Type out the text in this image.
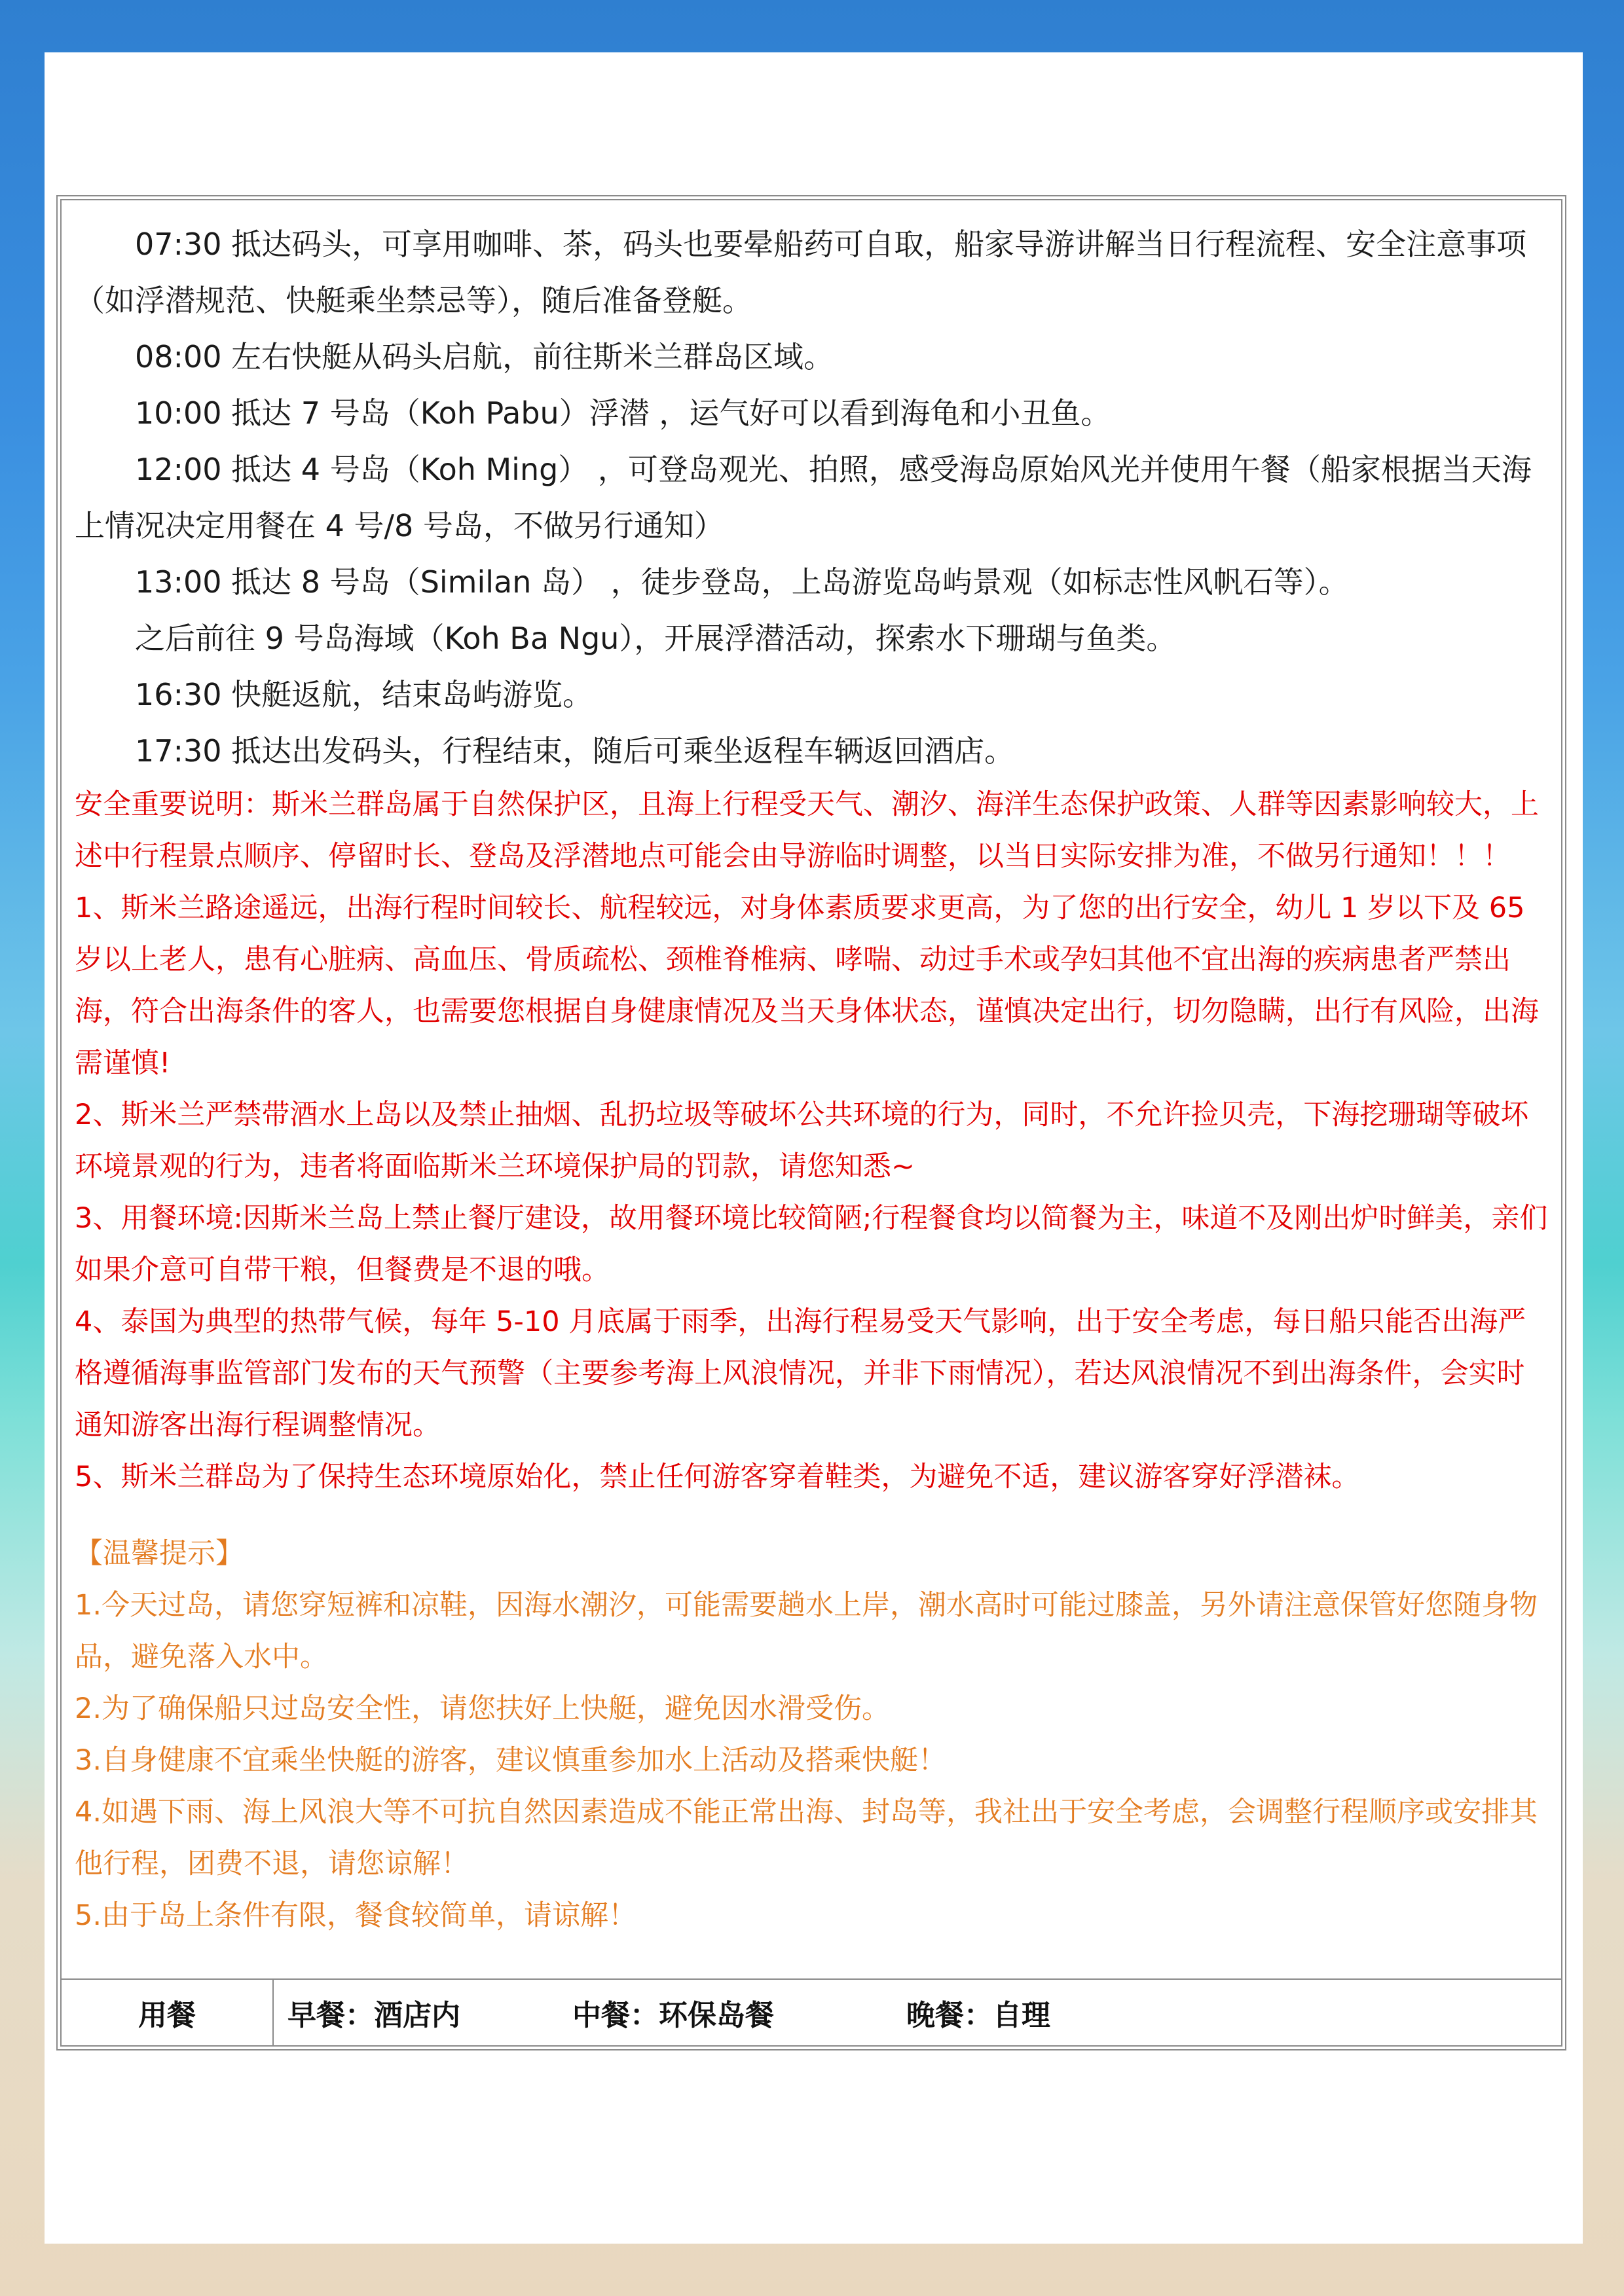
07:30 抵达码头，可享用咖啡、茶，码头也要晕船药可自取，船家导游讲解当日行程流程、安全注意事项（如浮潜规范、快艇乘坐禁忌等），随后准备登艇。

08:00 左右快艇从码头启航，前往斯米兰群岛区域。

10:00 抵达 7 号岛（Koh Pabu）浮潜 ，运气好可以看到海龟和小丑鱼。

12:00 抵达 4 号岛（Koh Ming） ，可登岛观光、拍照，感受海岛原始风光并使用午餐（船家根据当天海上情况决定用餐在 4 号/8 号岛，不做另行通知）

13:00 抵达 8 号岛（Similan 岛） ，徒步登岛，上岛游览岛屿景观（如标志性风帆石等）。

之后前往 9 号岛海域（Koh Ba Ngu），开展浮潜活动，探索水下珊瑚与鱼类。

16:30 快艇返航，结束岛屿游览。

17:30 抵达出发码头，行程结束，随后可乘坐返程车辆返回酒店。

安全重要说明：斯米兰群岛属于自然保护区，且海上行程受天气、潮汐、海洋生态保护政策、人群等因素影响较大，上述中行程景点顺序、停留时长、登岛及浮潜地点可能会由导游临时调整，以当日实际安排为准，不做另行通知！！！

1、斯米兰路途遥远，出海行程时间较长、航程较远，对身体素质要求更高，为了您的出行安全，幼儿 1 岁以下及 65 岁以上老人，患有心脏病、高血压、骨质疏松、颈椎脊椎病、哮喘、动过手术或孕妇其他不宜出海的疾病患者严禁出海，符合出海条件的客人，也需要您根据自身健康情况及当天身体状态，谨慎决定出行，切勿隐瞒，出行有风险，出海需谨慎!

2、斯米兰严禁带酒水上岛以及禁止抽烟、乱扔垃圾等破坏公共环境的行为，同时，不允许捡贝壳，下海挖珊瑚等破坏环境景观的行为，违者将面临斯米兰环境保护局的罚款，请您知悉~

3、用餐环境:因斯米兰岛上禁止餐厅建设，故用餐环境比较简陋;行程餐食均以简餐为主，味道不及刚出炉时鲜美，亲们如果介意可自带干粮，但餐费是不退的哦。

4、泰国为典型的热带气候，每年 5-10 月底属于雨季，出海行程易受天气影响，出于安全考虑，每日船只能否出海严格遵循海事监管部门发布的天气预警（主要参考海上风浪情况，并非下雨情况），若达风浪情况不到出海条件，会实时通知游客出海行程调整情况。

5、斯米兰群岛为了保持生态环境原始化，禁止任何游客穿着鞋类，为避免不适，建议游客穿好浮潜袜。

【温馨提示】

1.今天过岛，请您穿短裤和凉鞋，因海水潮汐，可能需要趟水上岸，潮水高时可能过膝盖，另外请注意保管好您随身物品，避免落入水中。

2.为了确保船只过岛安全性，请您扶好上快艇，避免因水滑受伤。

3.自身健康不宜乘坐快艇的游客，建议慎重参加水上活动及搭乘快艇！

4.如遇下雨、海上风浪大等不可抗自然因素造成不能正常出海、封岛等，我社出于安全考虑，会调整行程顺序或安排其他行程，团费不退，请您谅解！

5.由于岛上条件有限，餐食较简单，请谅解！

用餐	早餐：酒店内	中餐：环保岛餐	晚餐：自理
